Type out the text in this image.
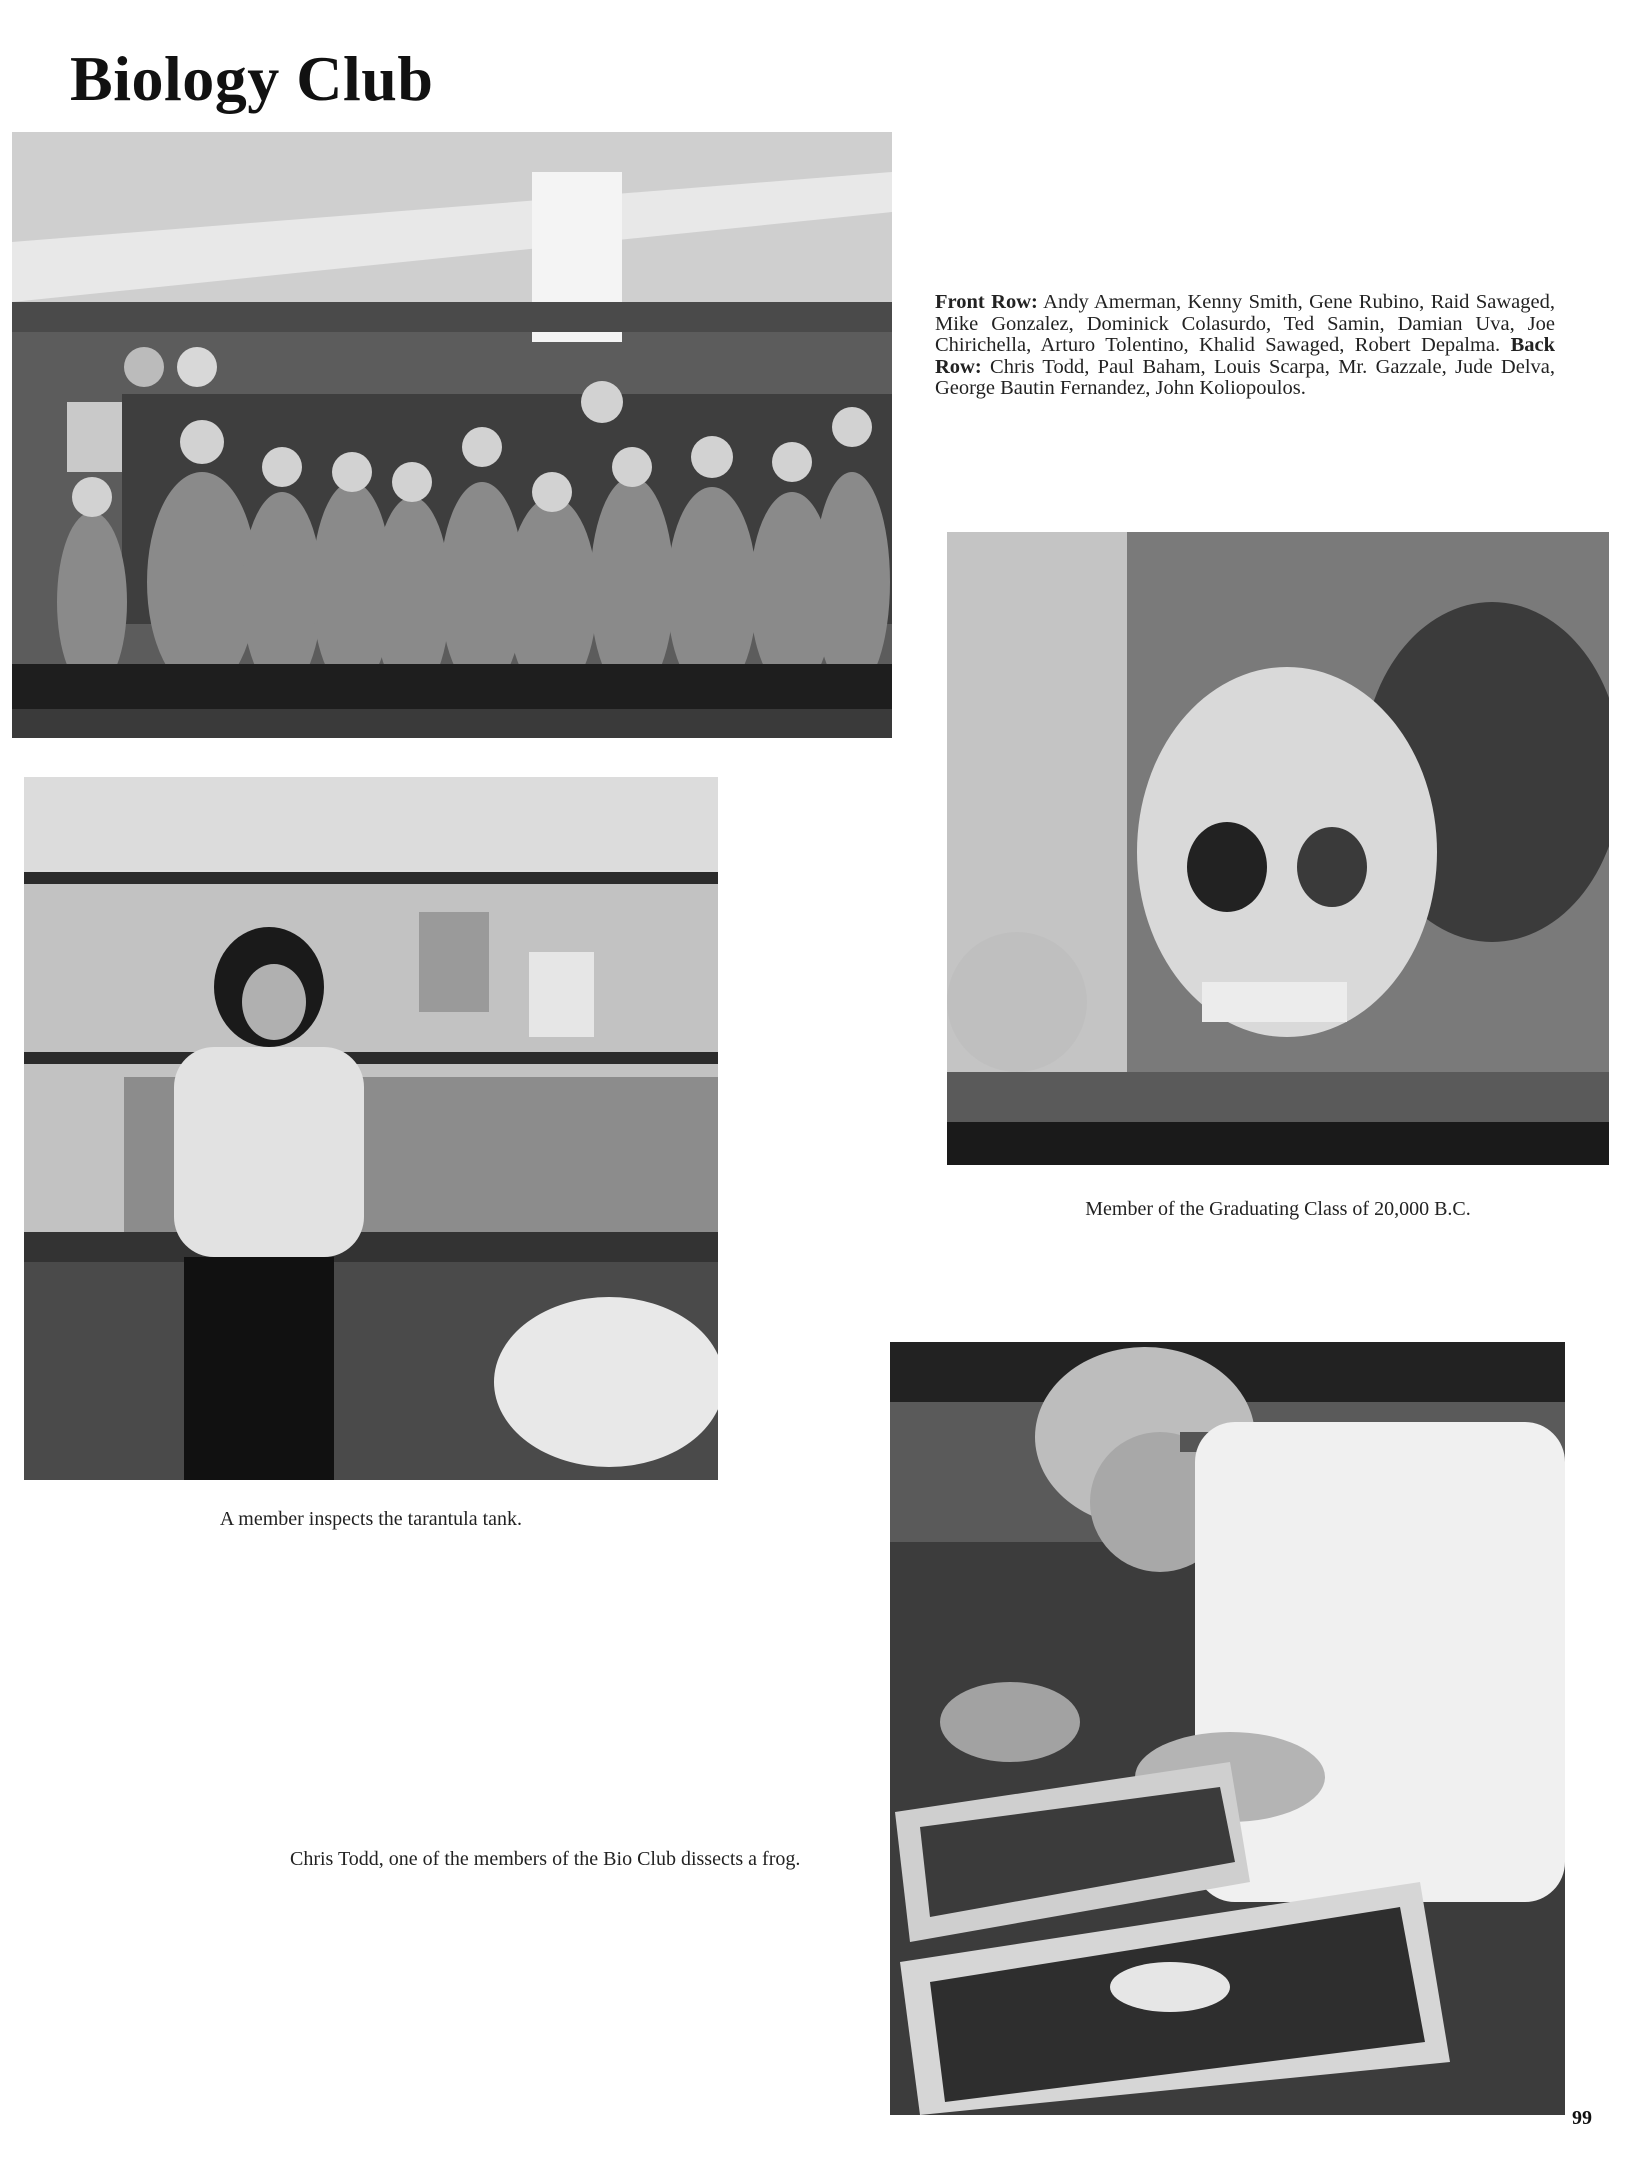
Biology Club
Front Row: Andy Amerman, Kenny Smith, Gene Rubino, Raid Sawaged, Mike Gonzalez, Dominick Colasurdo, Ted Samin, Damian Uva, Joe Chirichella, Arturo Tolentino, Khalid Sawaged, Robert Depalma. Back Row: Chris Todd, Paul Baham, Louis Scarpa, Mr. Gazzale, Jude Delva, George Bautin Fernandez, John Koliopoulos.
Member of the Graduating Class of 20,000 B.C.
A member inspects the tarantula tank.
Chris Todd, one of the members of the Bio Club dissects a frog.
99
